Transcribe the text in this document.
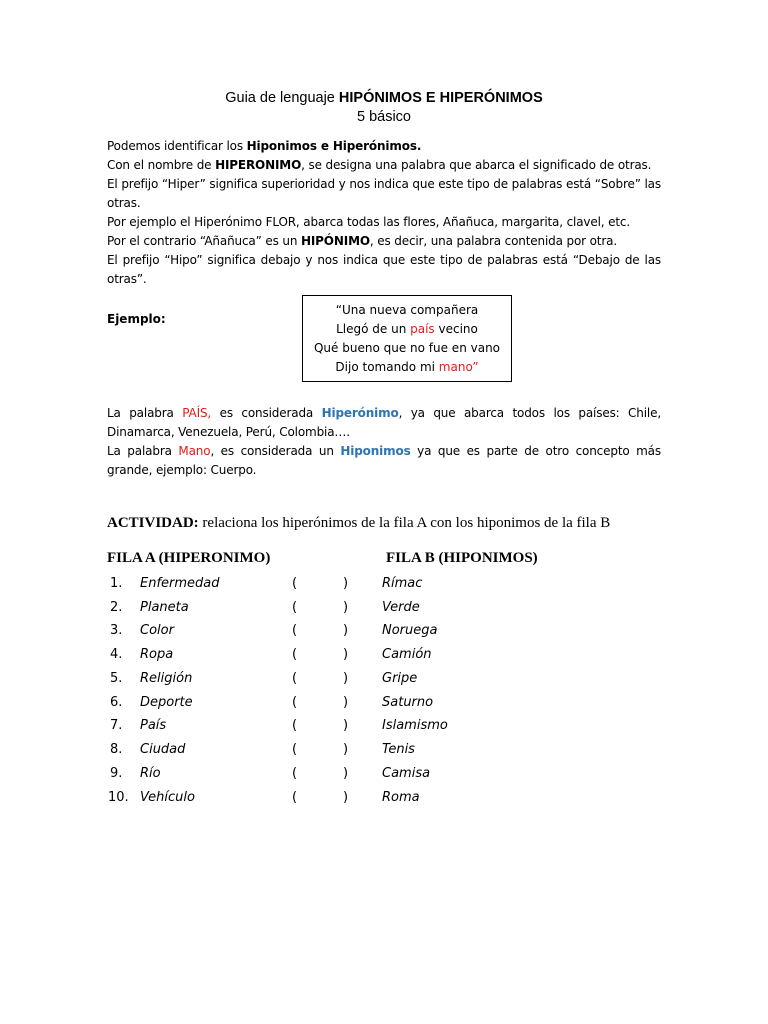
Guia de lenguaje HIPÓNIMOS E HIPERÓNIMOS
5 básico

Podemos identificar los Hiponimos e Hiperónimos.

Con el nombre de HIPERONIMO, se designa una palabra que abarca el significado de otras.

El prefijo “Hiper” significa superioridad y nos indica que este tipo de palabras está “Sobre” las otras.

Por ejemplo el Hiperónimo FLOR, abarca todas las flores, Añañuca, margarita, clavel, etc.

Por el contrario “Añañuca” es un HIPÓNIMO, es decir, una palabra contenida por otra.

El prefijo “Hipo” significa debajo y nos indica que este tipo de palabras está “Debajo de las otras”.

Ejemplo:
“Una nueva compañera
Llegó de un país vecino
Qué bueno que no fue en vano
Dijo tomando mi mano”

La palabra PAÍS, es considerada Hiperónimo, ya que abarca todos los países: Chile, Dinamarca, Venezuela, Perú, Colombia….

La palabra Mano, es considerada un Hiponimos ya que es parte de otro concepto más grande, ejemplo: Cuerpo.

ACTIVIDAD: relaciona los hiperónimos de la fila A con los hiponimos de la fila B
FILA A (HIPERONIMO)	FILA B (HIPONIMOS)
1. Enfermedad	(	)	Rímac
2. Planeta	(	)	Verde
3. Color	(	)	Noruega
4. Ropa	(	)	Camión
5. Religión	(	)	Gripe
6. Deporte	(	)	Saturno
7. País	(	)	Islamismo
8. Ciudad	(	)	Tenis
9. Río	(	)	Camisa
10. Vehículo	(	)	Roma
